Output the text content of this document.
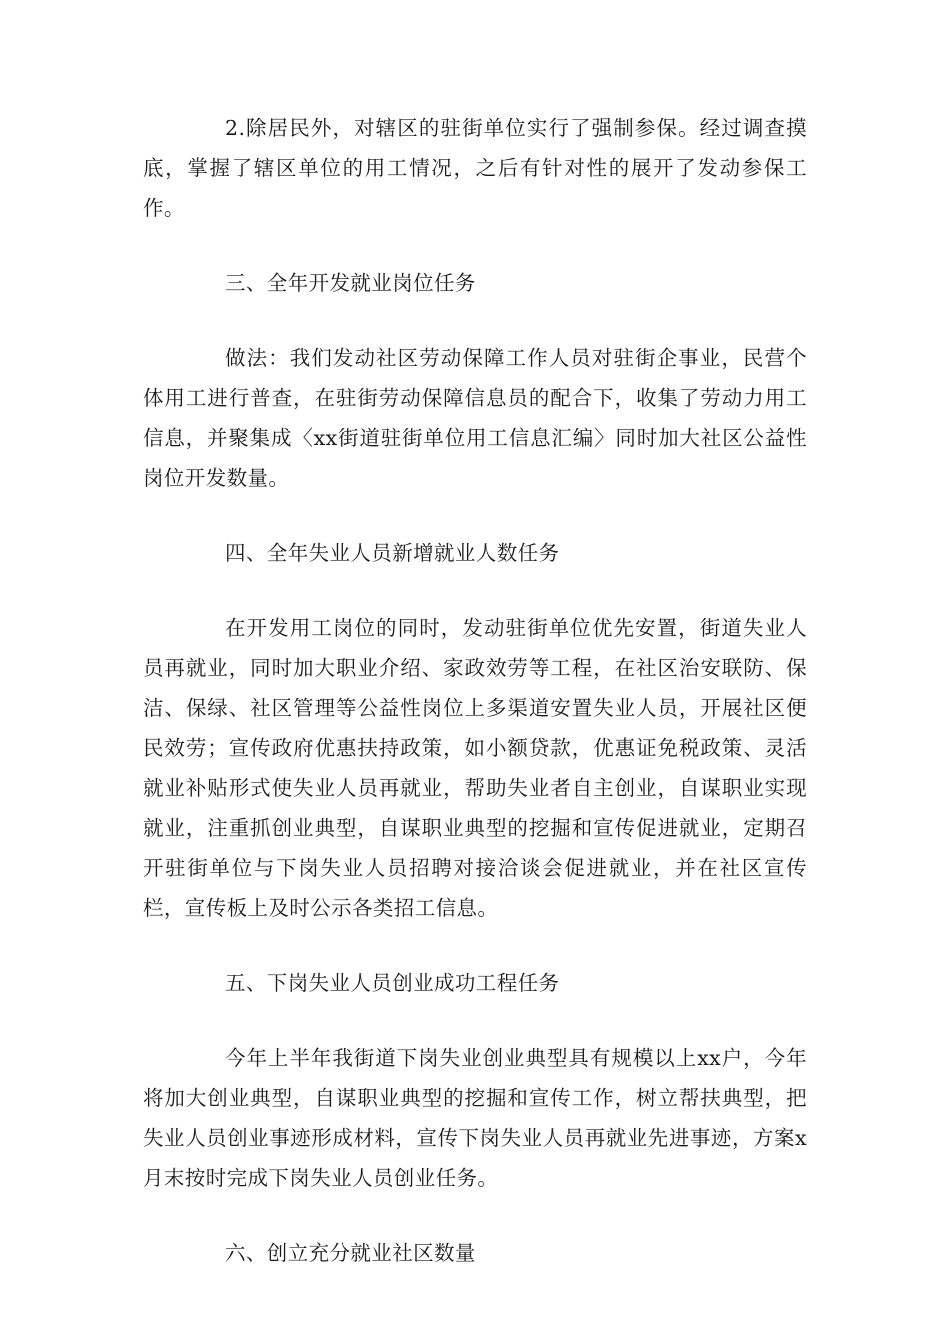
2.除居民外，对辖区的驻街单位实行了强制参保。经过调查摸底，掌握了辖区单位的用工情况，之后有针对性的展开了发动参保工作。

三、全年开发就业岗位任务

做法：我们发动社区劳动保障工作人员对驻街企事业，民营个体用工进行普查，在驻街劳动保障信息员的配合下，收集了劳动力用工信息，并聚集成〈xx街道驻街单位用工信息汇编〉同时加大社区公益性岗位开发数量。

四、全年失业人员新增就业人数任务

在开发用工岗位的同时，发动驻街单位优先安置，街道失业人员再就业，同时加大职业介绍、家政效劳等工程，在社区治安联防、保洁、保绿、社区管理等公益性岗位上多渠道安置失业人员，开展社区便民效劳；宣传政府优惠扶持政策，如小额贷款，优惠证免税政策、灵活就业补贴形式使失业人员再就业，帮助失业者自主创业，自谋职业实现就业，注重抓创业典型，自谋职业典型的挖掘和宣传促进就业，定期召开驻街单位与下岗失业人员招聘对接洽谈会促进就业，并在社区宣传栏，宣传板上及时公示各类招工信息。

五、下岗失业人员创业成功工程任务

今年上半年我街道下岗失业创业典型具有规模以上xx户，今年将加大创业典型，自谋职业典型的挖掘和宣传工作，树立帮扶典型，把失业人员创业事迹形成材料，宣传下岗失业人员再就业先进事迹，方案x月末按时完成下岗失业人员创业任务。

六、创立充分就业社区数量
